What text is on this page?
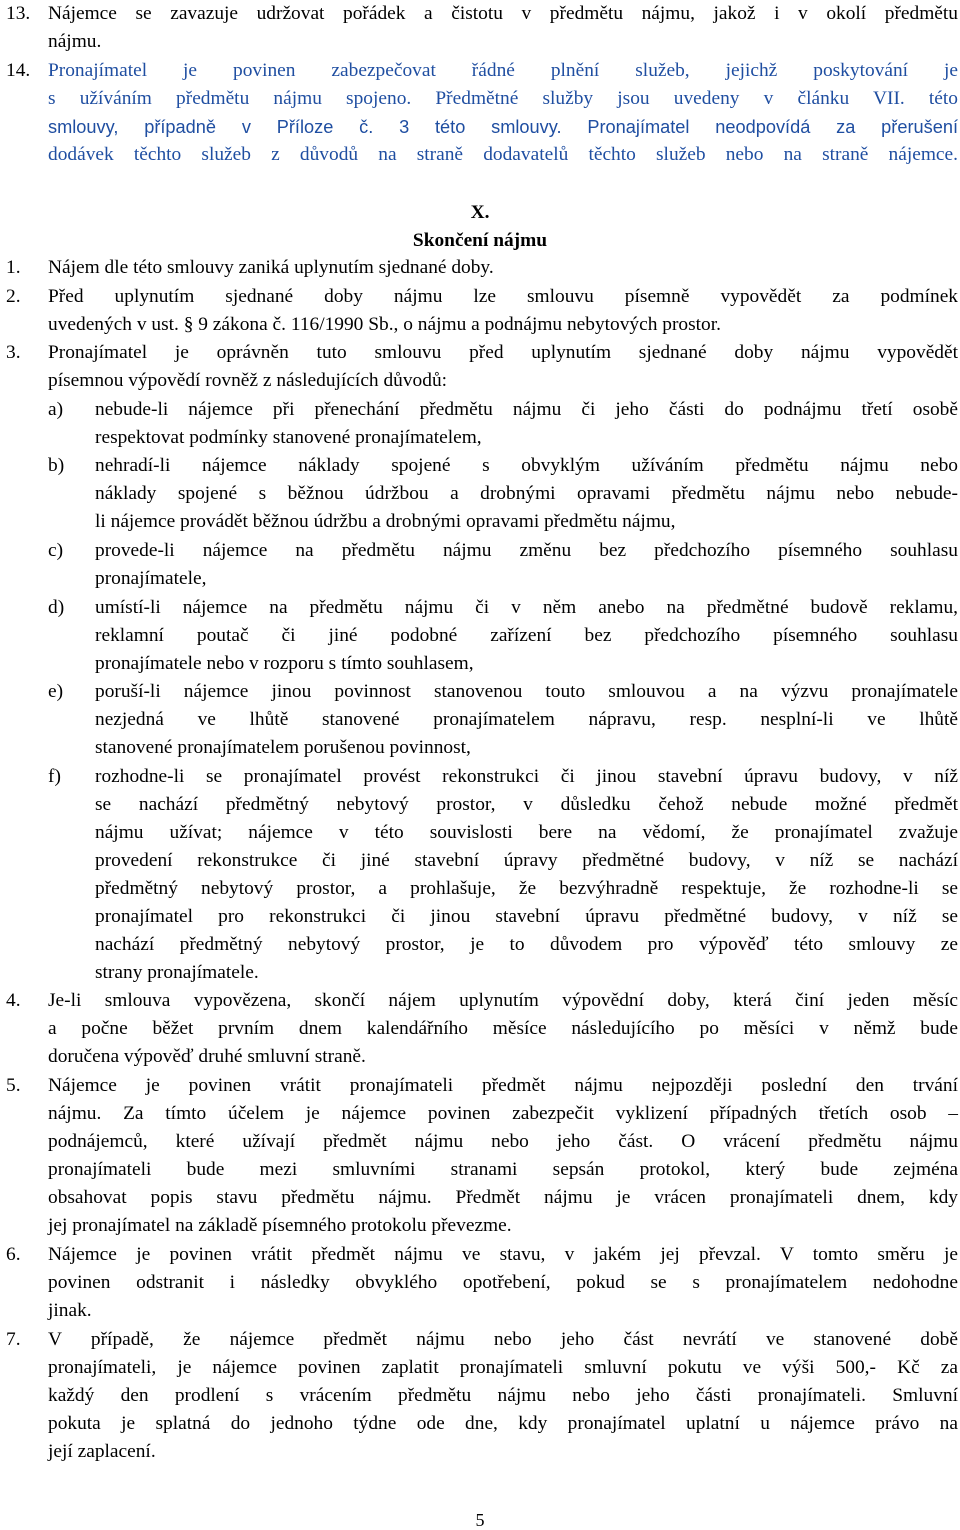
13. Nájemce se zavazuje udržovat pořádek a čistotu v předmětu nájmu, jakož i v okolí předmětu
nájmu.
14. Pronajímatel je povinen zabezpečovat řádné plnění služeb, jejichž poskytování je
s užíváním předmětu nájmu spojeno. Předmětné služby jsou uvedeny v článku VII. této
smlouvy, případně v Příloze č. 3 této smlouvy. Pronajímatel neodpovídá za přerušení
dodávek těchto služeb z důvodů na straně dodavatelů těchto služeb nebo na straně nájemce.
X.
Skončení nájmu
1. Nájem dle této smlouvy zaniká uplynutím sjednané doby.
2. Před uplynutím sjednané doby nájmu lze smlouvu písemně vypovědět za podmínek
uvedených v ust. § 9 zákona č. 116/1990 Sb., o nájmu a podnájmu nebytových prostor.
3. Pronajímatel je oprávněn tuto smlouvu před uplynutím sjednané doby nájmu vypovědět
písemnou výpovědí rovněž z následujících důvodů:
a) nebude-li nájemce při přenechání předmětu nájmu či jeho části do podnájmu třetí osobě
respektovat podmínky stanovené pronajímatelem,
b) nehradí-li nájemce náklady spojené s obvyklým užíváním předmětu nájmu nebo
náklady spojené s běžnou údržbou a drobnými opravami předmětu nájmu nebo nebude-
li nájemce provádět běžnou údržbu a drobnými opravami předmětu nájmu,
c) provede-li nájemce na předmětu nájmu změnu bez předchozího písemného souhlasu
pronajímatele,
d) umístí-li nájemce na předmětu nájmu či v něm anebo na předmětné budově reklamu,
reklamní poutač či jiné podobné zařízení bez předchozího písemného souhlasu
pronajímatele nebo v rozporu s tímto souhlasem,
e) poruší-li nájemce jinou povinnost stanovenou touto smlouvou a na výzvu pronajímatele
nezjedná ve lhůtě stanovené pronajímatelem nápravu, resp. nesplní-li ve lhůtě
stanovené pronajímatelem porušenou povinnost,
f) rozhodne-li se pronajímatel provést rekonstrukci či jinou stavební úpravu budovy, v níž
se nachází předmětný nebytový prostor, v důsledku čehož nebude možné předmět
nájmu užívat; nájemce v této souvislosti bere na vědomí, že pronajímatel zvažuje
provedení rekonstrukce či jiné stavební úpravy předmětné budovy, v níž se nachází
předmětný nebytový prostor, a prohlašuje, že bezvýhradně respektuje, že rozhodne-li se
pronajímatel pro rekonstrukci či jinou stavební úpravu předmětné budovy, v níž se
nachází předmětný nebytový prostor, je to důvodem pro výpověď této smlouvy ze
strany pronajímatele.
4. Je-li smlouva vypovězena, skončí nájem uplynutím výpovědní doby, která činí jeden měsíc
a počne běžet prvním dnem kalendářního měsíce následujícího po měsíci v němž bude
doručena výpověď druhé smluvní straně.
5. Nájemce je povinen vrátit pronajímateli předmět nájmu nejpozději poslední den trvání
nájmu. Za tímto účelem je nájemce povinen zabezpečit vyklizení případných třetích osob –
podnájemců, které užívají předmět nájmu nebo jeho část. O vrácení předmětu nájmu
pronajímateli bude mezi smluvními stranami sepsán protokol, který bude zejména
obsahovat popis stavu předmětu nájmu. Předmět nájmu je vrácen pronajímateli dnem, kdy
jej pronajímatel na základě písemného protokolu převezme.
6. Nájemce je povinen vrátit předmět nájmu ve stavu, v jakém jej převzal. V tomto směru je
povinen odstranit i následky obvyklého opotřebení, pokud se s pronajímatelem nedohodne
jinak.
7. V případě, že nájemce předmět nájmu nebo jeho část nevrátí ve stanovené době
pronajímateli, je nájemce povinen zaplatit pronajímateli smluvní pokutu ve výši 500,- Kč za
každý den prodlení s vrácením předmětu nájmu nebo jeho části pronajímateli. Smluvní
pokuta je splatná do jednoho týdne ode dne, kdy pronajímatel uplatní u nájemce právo na
její zaplacení.
5
